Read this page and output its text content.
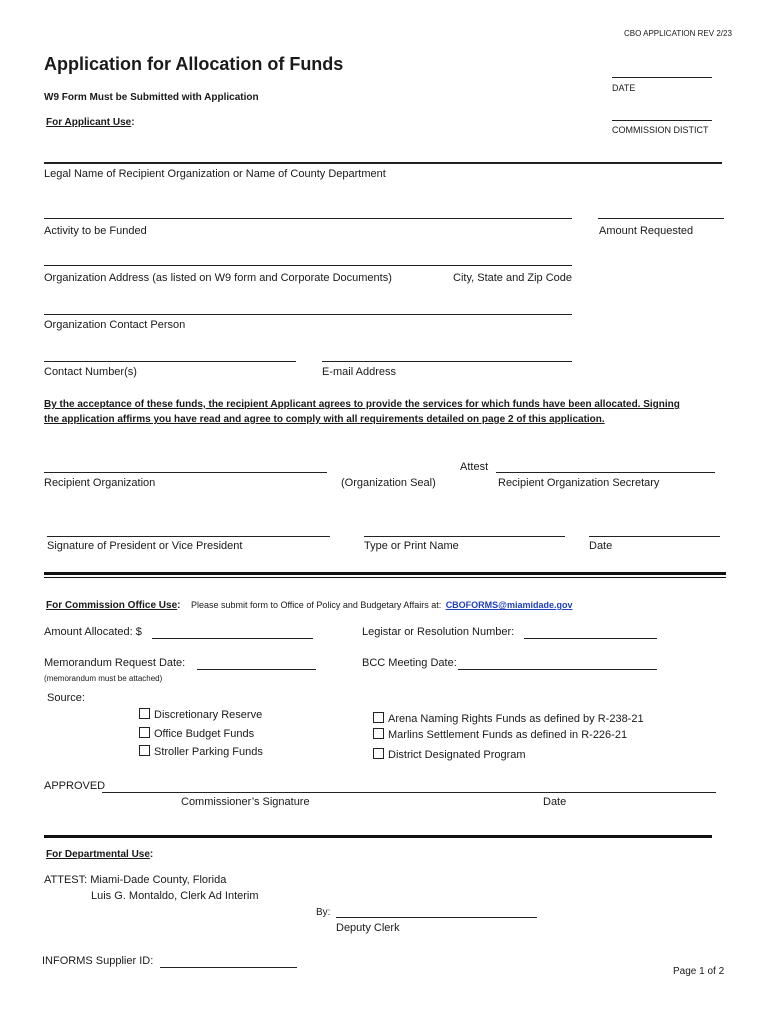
CBO APPLICATION REV 2/23
Application for Allocation of Funds
W9 Form Must be Submitted with Application
For Applicant Use:
DATE
COMMISSION DISTICT
Legal Name of Recipient Organization or Name of County Department
Activity to be Funded	Amount Requested
Organization Address (as listed on W9 form and Corporate Documents)	City, State and Zip Code
Organization Contact Person
Contact Number(s)	E-mail Address
By the acceptance of these funds, the recipient Applicant agrees to provide the services for which funds have been allocated. Signing
the application affirms you have read and agree to comply with all requirements detailed on page 2 of this application.
Recipient Organization	(Organization Seal)
Attest
Recipient Organization Secretary
Signature of President or Vice President	Type or Print Name	Date
For Commission Office Use: Please submit form to Office of Policy and Budgetary Affairs at: CBOFORMS@miamidade.gov
Amount Allocated: $	Legistar or Resolution Number:
Memorandum Request Date:	BCC Meeting Date:
(memorandum must be attached)
Source:
Discretionary Reserve
Office Budget Funds
Stroller Parking Funds
Arena Naming Rights Funds as defined by R-238-21
Marlins Settlement Funds as defined in R-226-21
District Designated Program
APPROVED
Commissioner’s Signature	Date
For Departmental Use:
ATTEST: Miami-Dade County, Florida
Luis G. Montaldo, Clerk Ad Interim
By:
Deputy Clerk
INFORMS Supplier ID:
Page 1 of 2
